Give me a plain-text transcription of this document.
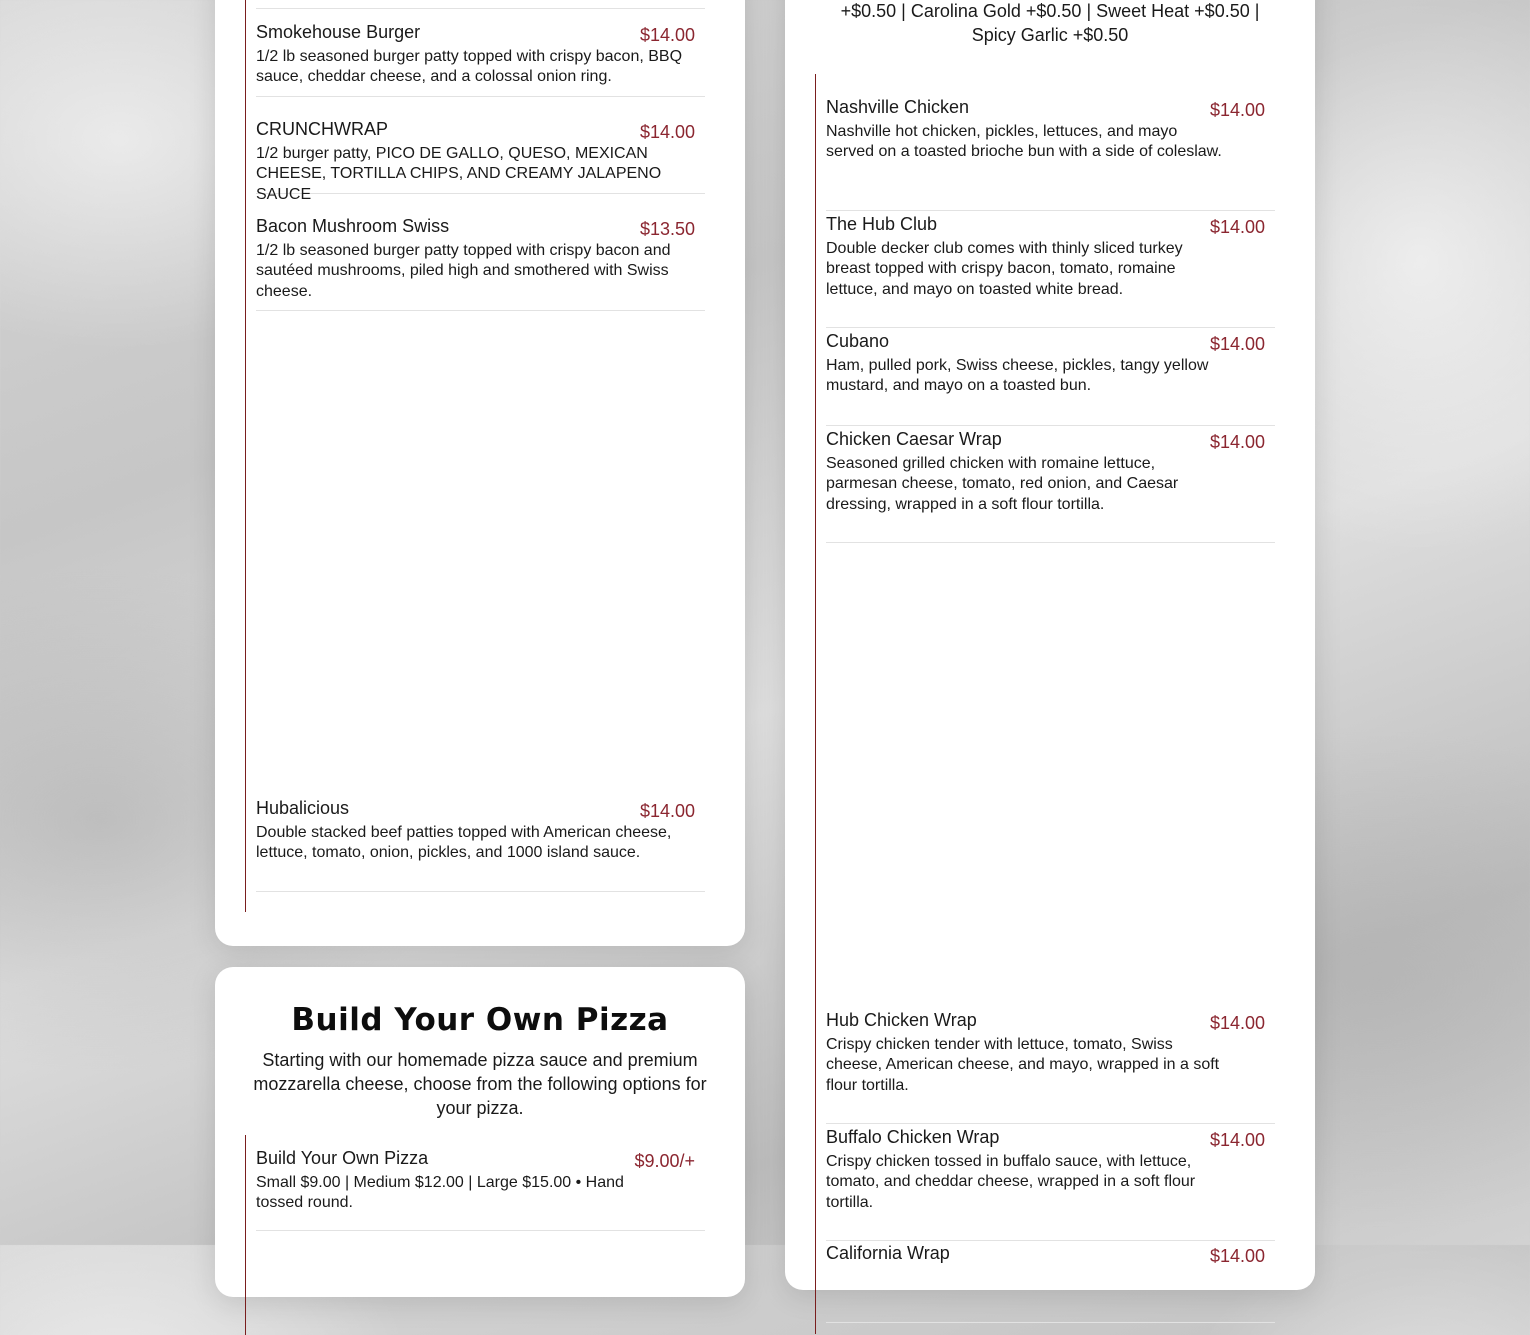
Smokehouse Burger	$14.00
1/2 lb seasoned burger patty topped with crispy bacon, BBQ sauce, cheddar cheese, and a colossal onion ring.
CRUNCHWRAP	$14.00
1/2 burger patty, PICO DE GALLO, QUESO, MEXICAN CHEESE, TORTILLA CHIPS, AND CREAMY JALAPENO SAUCE
Bacon Mushroom Swiss	$13.50
1/2 lb seasoned burger patty topped with crispy bacon and sautéed mushrooms, piled high and smothered with Swiss cheese.
Hubalicious	$14.00
Double stacked beef patties topped with American cheese, lettuce, tomato, onion, pickles, and 1000 island sauce.
Build Your Own Pizza
Starting with our homemade pizza sauce and premium mozzarella cheese, choose from the following options for your pizza.
Build Your Own Pizza	$9.00/+
Small $9.00 | Medium $12.00 | Large $15.00 • Hand tossed round.
+$0.50 | Carolina Gold +$0.50 | Sweet Heat +$0.50 | Spicy Garlic +$0.50
Nashville Chicken	$14.00
Nashville hot chicken, pickles, lettuces, and mayo served on a toasted brioche bun with a side of coleslaw.
The Hub Club	$14.00
Double decker club comes with thinly sliced turkey breast topped with crispy bacon, tomato, romaine lettuce, and mayo on toasted white bread.
Cubano	$14.00
Ham, pulled pork, Swiss cheese, pickles, tangy yellow mustard, and mayo on a toasted bun.
Chicken Caesar Wrap	$14.00
Seasoned grilled chicken with romaine lettuce, parmesan cheese, tomato, red onion, and Caesar dressing, wrapped in a soft flour tortilla.
Hub Chicken Wrap	$14.00
Crispy chicken tender with lettuce, tomato, Swiss cheese, American cheese, and mayo, wrapped in a soft flour tortilla.
Buffalo Chicken Wrap	$14.00
Crispy chicken tossed in buffalo sauce, with lettuce, tomato, and cheddar cheese, wrapped in a soft flour tortilla.
California Wrap	$14.00
